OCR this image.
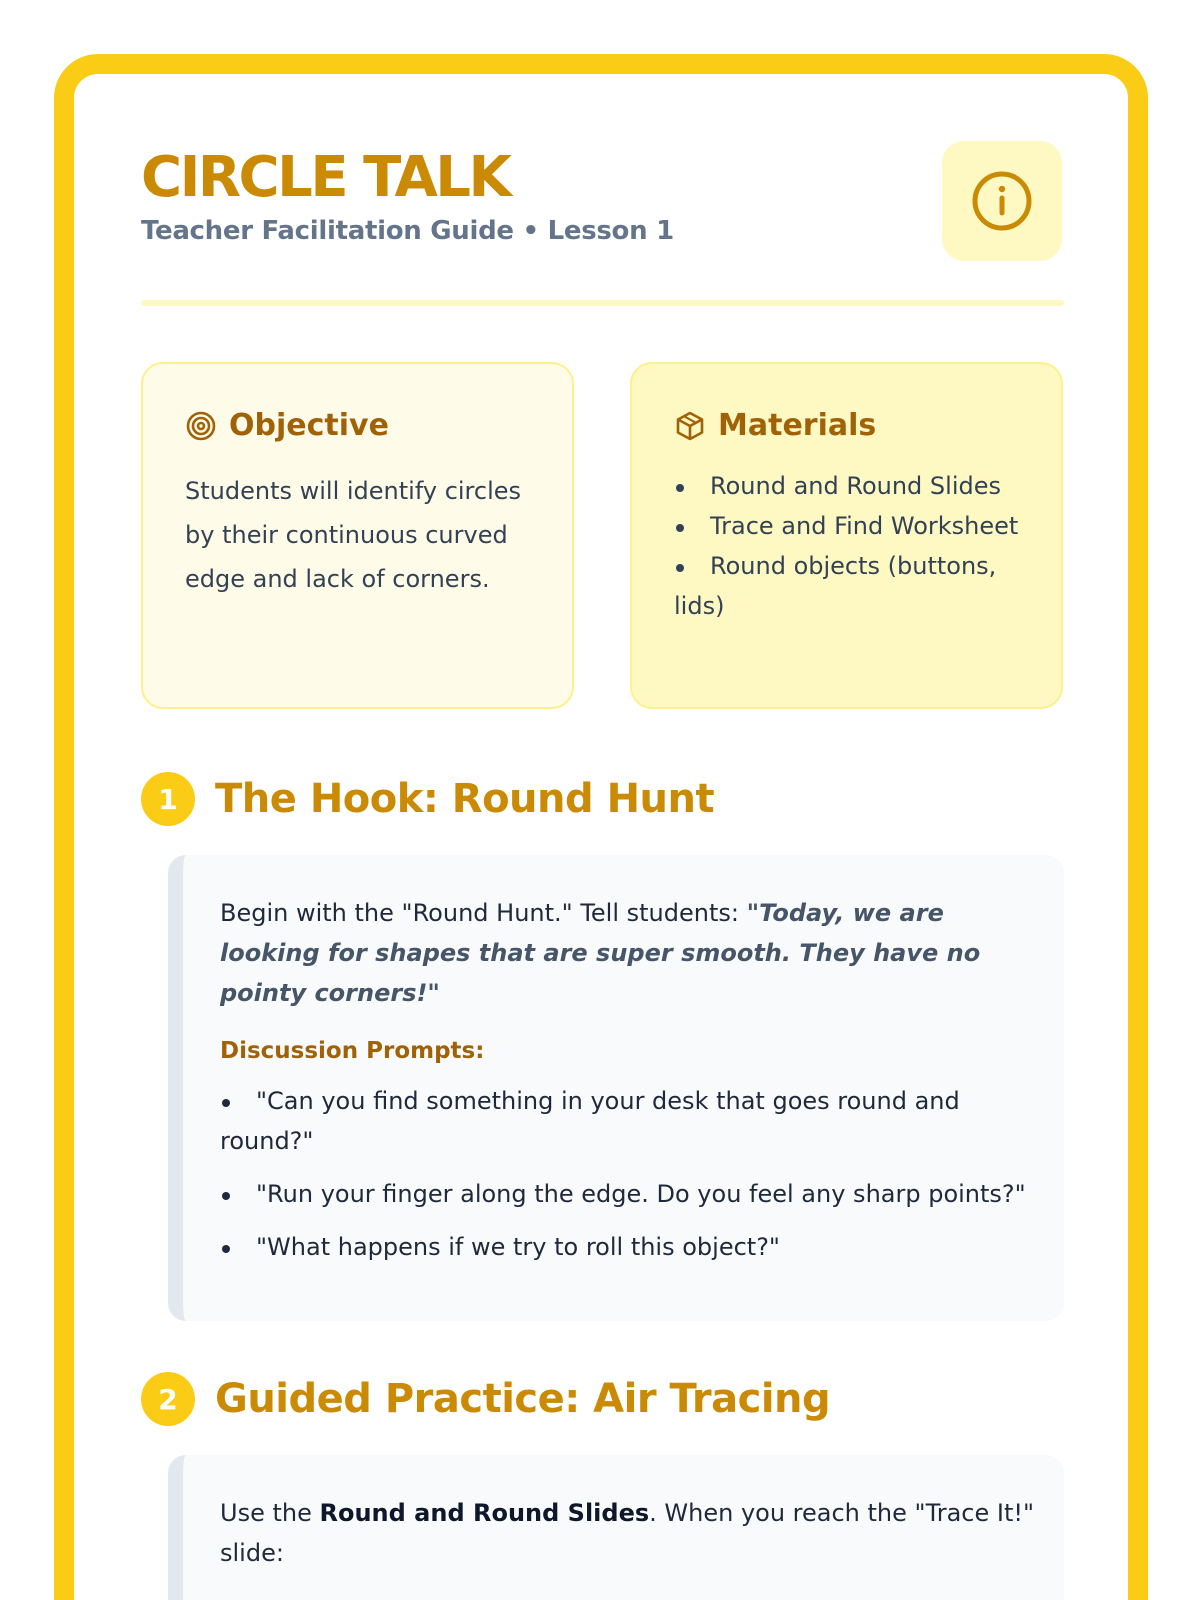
CIRCLE TALK
Teacher Facilitation Guide • Lesson 1
Objective
Students will identify circles by their continuous curved edge and lack of corners.
Materials
Round and Round Slides
Trace and Find Worksheet
Round objects (buttons, lids)
1 The Hook: Round Hunt

Begin with the "Round Hunt." Tell students: "Today, we are looking for shapes that are super smooth. They have no pointy corners!"

Discussion Prompts:
"Can you find something in your desk that goes round and round?"
"Run your finger along the edge. Do you feel any sharp points?"
"What happens if we try to roll this object?"
2 Guided Practice: Air Tracing

Use the Round and Round Slides. When you reach the "Trace It!" slide:
